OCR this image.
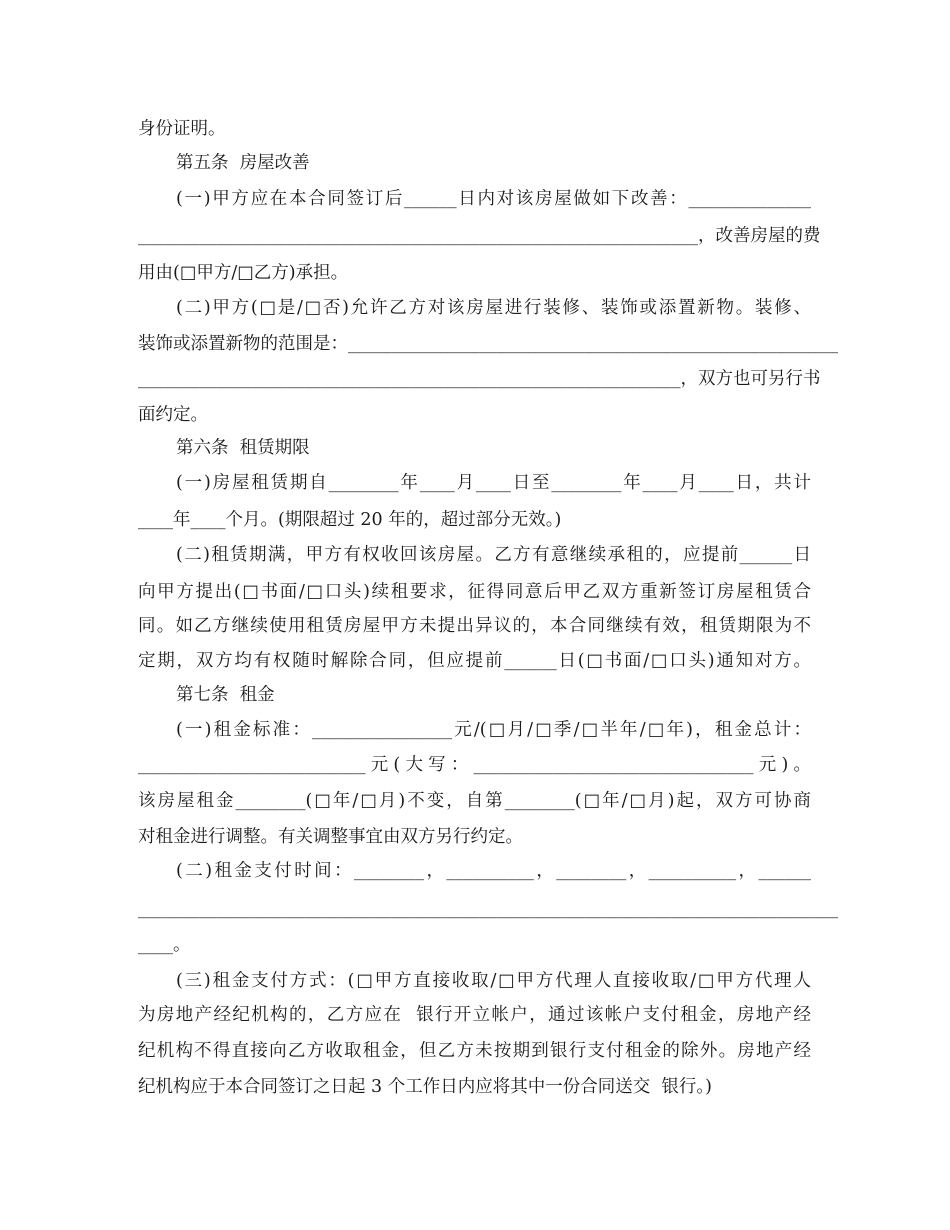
身份证明。
第五条  房屋改善
(一)甲方应在本合同签订后______日内对该房屋做如下改善：______________
________________________________________________________________，改善房屋的费
用由(□甲方/□乙方)承担。
(二)甲方(□是/□否)允许乙方对该房屋进行装修、装饰或添置新物。装修、
装饰或添置新物的范围是：________________________________________________________
______________________________________________________________，双方也可另行书
面约定。
第六条  租赁期限
(一)房屋租赁期自________年____月____日至________年____月____日，共计
____年____个月。(期限超过 20 年的，超过部分无效。)
(二)租赁期满，甲方有权收回该房屋。乙方有意继续承租的，应提前______日
向甲方提出(□书面/□口头)续租要求，征得同意后甲乙双方重新签订房屋租赁合
同。如乙方继续使用租赁房屋甲方未提出异议的，本合同继续有效，租赁期限为不
定期，双方均有权随时解除合同，但应提前______日(□书面/□口头)通知对方。
第七条  租金
(一)租金标准：________________元/(□月/□季/□半年/□年)，租金总计：
__________________________元(大写：________________________________元)。
该房屋租金________(□年/□月)不变，自第________(□年/□月)起，双方可协商
对租金进行调整。有关调整事宜由双方另行约定。
(二)租金支付时间：________，__________，________，__________，______
________________________________________________________________________________
____。
(三)租金支付方式：(□甲方直接收取/□甲方代理人直接收取/□甲方代理人
为房地产经纪机构的，乙方应在  银行开立帐户，通过该帐户支付租金，房地产经
纪机构不得直接向乙方收取租金，但乙方未按期到银行支付租金的除外。房地产经
纪机构应于本合同签订之日起 3 个工作日内应将其中一份合同送交  银行。)
